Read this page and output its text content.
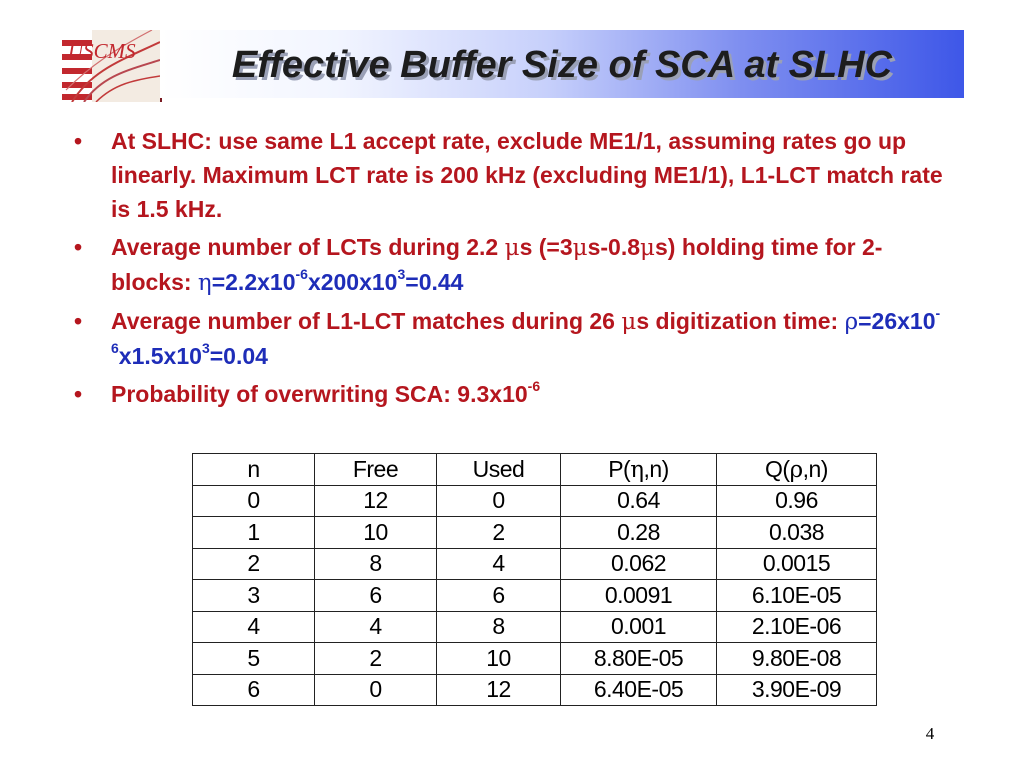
USCMS	Effective Buffer Size of SCA at SLHC
• At SLHC: use same L1 accept rate, exclude ME1/1, assuming rates go up linearly. Maximum LCT rate is 200 kHz (excluding ME1/1), L1-LCT match rate is 1.5 kHz.
• Average number of LCTs during 2.2 μs (=3μs-0.8μs) holding time for 2-blocks: $\eta=2.2x10^{-6}x200x10^3=0.44$
• Average number of L1-LCT matches during 26 μs digitization time: $\rho=26x10^{-6}x1.5x10^3=0.04$
• Probability of overwriting SCA: $9.3x10^{-6}$
n	Free	Used	P(η,n)	Q(ρ,n)
0	12	0	0.64	0.96
1	10	2	0.28	0.038
2	8	4	0.062	0.0015
3	6	6	0.0091	6.10E-05
4	4	8	0.001	2.10E-06
5	2	10	8.80E-05	9.80E-08
6	0	12	6.40E-05	3.90E-09
4
